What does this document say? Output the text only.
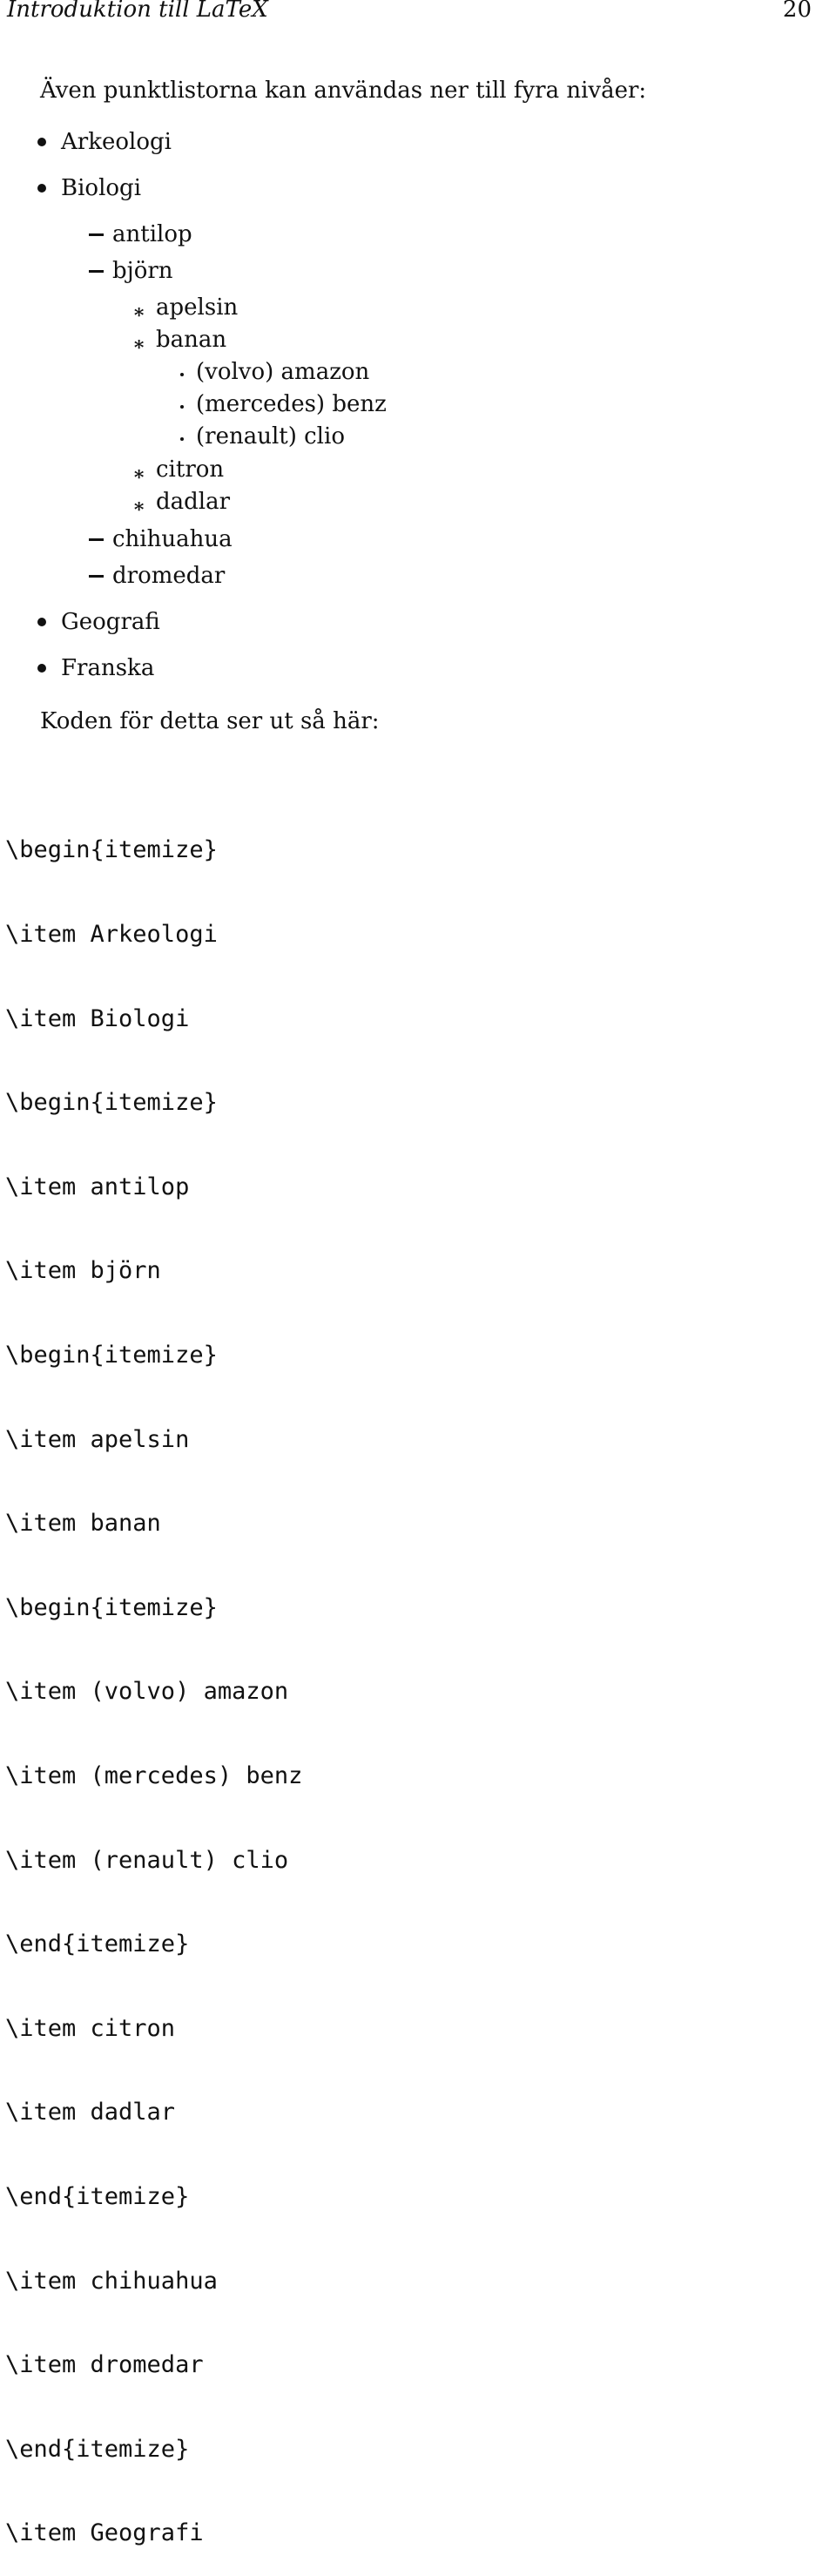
Introduktion till LaTeX	20
Även punktlistorna kan användas ner till fyra nivåer:
Arkeologi
Biologi
antilop
björn
∗ apelsin
∗ banan
(volvo) amazon
(mercedes) benz
(renault) clio
∗ citron
∗ dadlar
chihuahua
dromedar
Geografi
Franska
Koden för detta ser ut så här:

\begin{itemize}

\item Arkeologi

\item Biologi

\begin{itemize}

\item antilop

\item björn

\begin{itemize}

\item apelsin

\item banan

\begin{itemize}

\item (volvo) amazon

\item (mercedes) benz

\item (renault) clio

\end{itemize}

\item citron

\item dadlar

\end{itemize}

\item chihuahua

\item dromedar

\end{itemize}

\item Geografi
